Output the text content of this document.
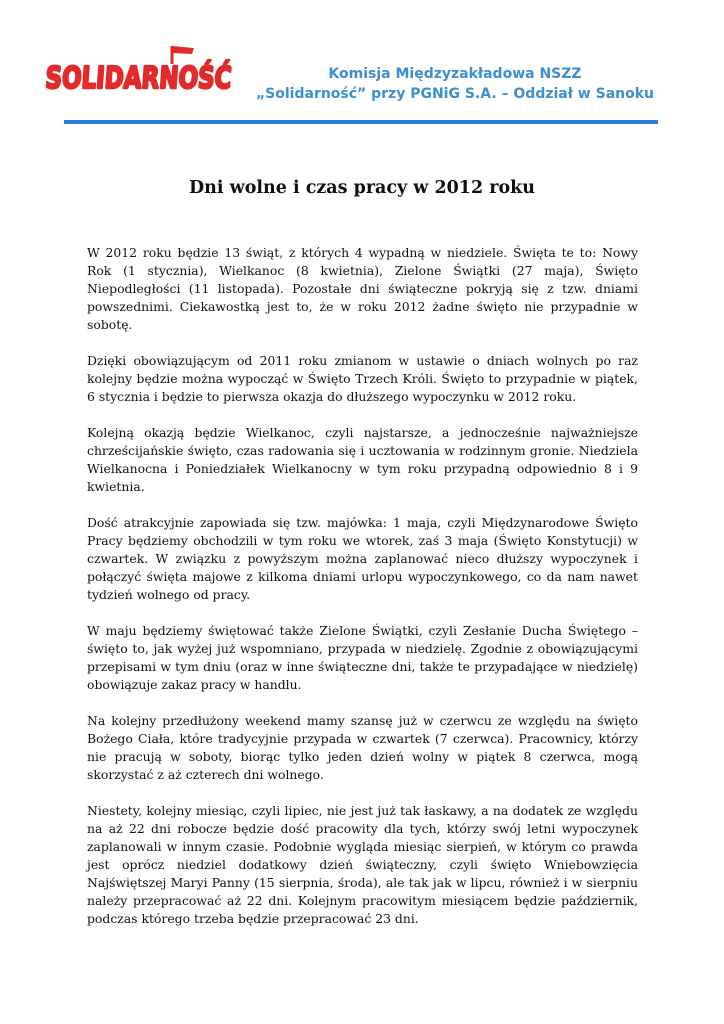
SOLIDARNOŚĆ	Komisja Międzyzakładowa NSZZ
„Solidarność” przy PGNiG S.A. – Oddział w Sanoku
Dni wolne i czas pracy w 2012 roku

W 2012 roku będzie 13 świąt, z których 4 wypadną w niedziele. Święta te to: Nowy Rok (1 stycznia), Wielkanoc (8 kwietnia), Zielone Świątki (27 maja), Święto Niepodległości (11 listopada). Pozostałe dni świąteczne pokryją się z tzw. dniami powszednimi. Ciekawostką jest to, że w roku 2012 żadne święto nie przypadnie w sobotę.

Dzięki obowiązującym od 2011 roku zmianom w ustawie o dniach wolnych po raz kolejny będzie można wypocząć w Święto Trzech Króli. Święto to przypadnie w piątek, 6 stycznia i będzie to pierwsza okazja do dłuższego wypoczynku w 2012 roku.

Kolejną okazją będzie Wielkanoc, czyli najstarsze, a jednocześnie najważniejsze chrześcijańskie święto, czas radowania się i ucztowania w rodzinnym gronie. Niedziela Wielkanocna i Poniedziałek Wielkanocny w tym roku przypadną odpowiednio 8 i 9 kwietnia.

Dość atrakcyjnie zapowiada się tzw. majówka: 1 maja, czyli Międzynarodowe Święto Pracy będziemy obchodzili w tym roku we wtorek, zaś 3 maja (Święto Konstytucji) w czwartek. W związku z powyższym można zaplanować nieco dłuższy wypoczynek i połączyć święta majowe z kilkoma dniami urlopu wypoczynkowego, co da nam nawet tydzień wolnego od pracy.

W maju będziemy świętować także Zielone Świątki, czyli Zesłanie Ducha Świętego – święto to, jak wyżej już wspomniano, przypada w niedzielę. Zgodnie z obowiązującymi przepisami w tym dniu (oraz w inne świąteczne dni, także te przypadające w niedzielę) obowiązuje zakaz pracy w handlu.

Na kolejny przedłużony weekend mamy szansę już w czerwcu ze względu na święto Bożego Ciała, które tradycyjnie przypada w czwartek (7 czerwca). Pracownicy, którzy nie pracują w soboty, biorąc tylko jeden dzień wolny w piątek 8 czerwca, mogą skorzystać z aż czterech dni wolnego.

Niestety, kolejny miesiąc, czyli lipiec, nie jest już tak łaskawy, a na dodatek ze względu na aż 22 dni robocze będzie dość pracowity dla tych, którzy swój letni wypoczynek zaplanowali w innym czasie. Podobnie wygląda miesiąc sierpień, w którym co prawda jest oprócz niedziel dodatkowy dzień świąteczny, czyli święto Wniebowzięcia Najświętszej Maryi Panny (15 sierpnia, środa), ale tak jak w lipcu, również i w sierpniu należy przepracować aż 22 dni. Kolejnym pracowitym miesiącem będzie październik, podczas którego trzeba będzie przepracować 23 dni.
